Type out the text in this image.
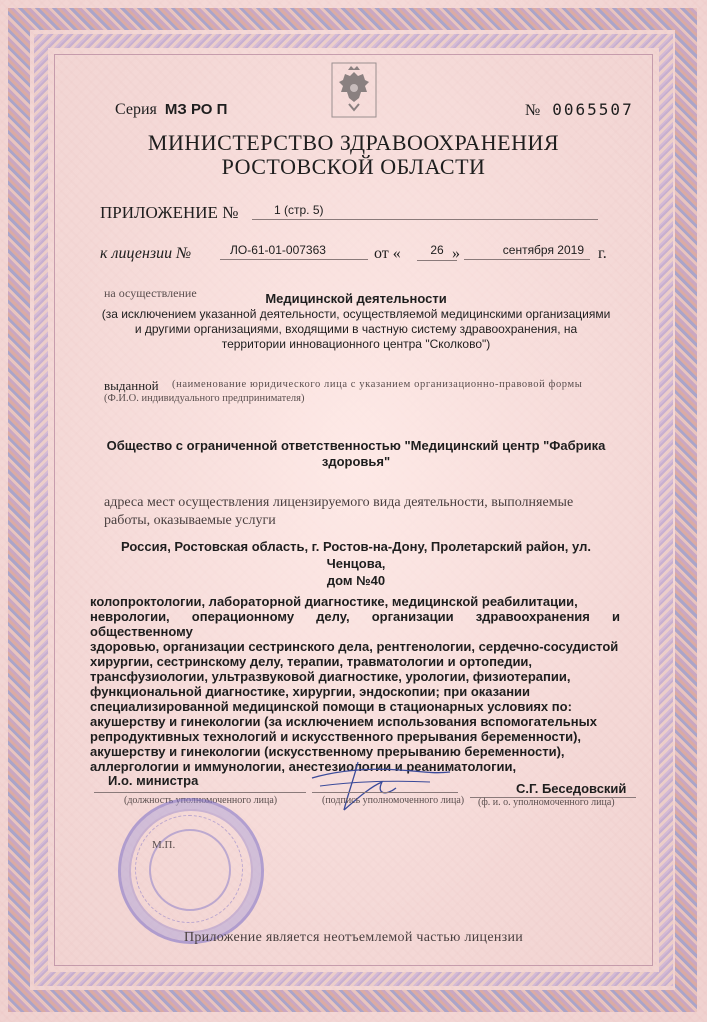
Серия МЗ РО П	№ 0065507
МИНИСТЕРСТВО ЗДРАВООХРАНЕНИЯ
РОСТОВСКОЙ ОБЛАСТИ
ПРИЛОЖЕНИЕ №	1 (стр. 5)
к лицензии №	ЛО-61-01-007363	от «	26 »	сентября 2019 г.
на осуществление	Медицинской деятельности
(за исключением указанной деятельности, осуществляемой медицинскими организациями
и другими организациями, входящими в частную систему здравоохранения, на
территории инновационного центра "Сколково")
выданной (наименование юридического лица с указанием организационно-правовой формы
(Ф.И.О. индивидуального предпринимателя)
Общество с ограниченной ответственностью "Медицинский центр "Фабрика
здоровья"
адреса мест осуществления лицензируемого вида деятельности, выполняемые
работы, оказываемые услуги
Россия, Ростовская область, г. Ростов-на-Дону, Пролетарский район, ул. Ченцова,
дом №40
колопроктологии, лабораторной диагностике, медицинской реабилитации,
неврологии, операционному делу, организации здравоохранения и общественному
здоровью, организации сестринского дела, рентгенологии, сердечно-сосудистой
хирургии, сестринскому делу, терапии, травматологии и ортопедии,
трансфузиологии, ультразвуковой диагностике, урологии, физиотерапии,
функциональной диагностике, хирургии, эндоскопии; при оказании
специализированной медицинской помощи в стационарных условиях по:
акушерству и гинекологии (за исключением использования вспомогательных
репродуктивных технологий и искусственного прерывания беременности),
акушерству и гинекологии (искусственному прерыванию беременности),
аллергологии и иммунологии, анестезиологии и реаниматологии,
И.о. министра
(должность уполномоченного лица)	(подпись уполномоченного лица)
С.Г. Беседовский
(ф. и. о. уполномоченного лица)
М.П.
Приложение является неотъемлемой частью лицензии
